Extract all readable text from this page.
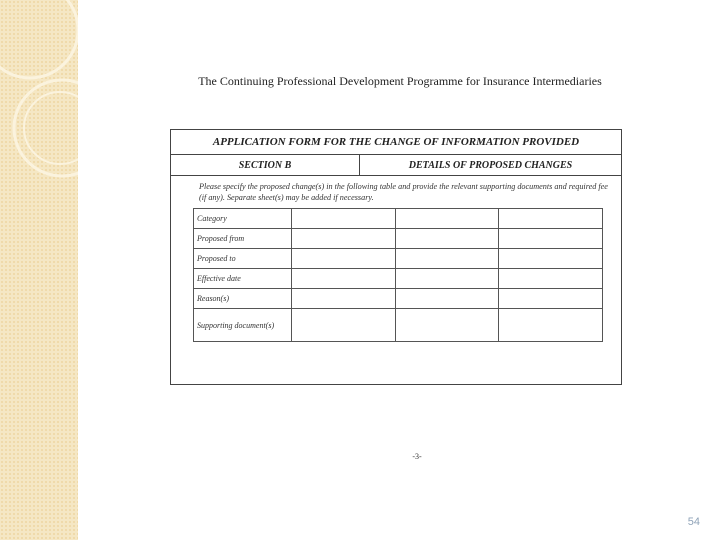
The Continuing Professional Development Programme for Insurance Intermediaries
APPLICATION FORM FOR THE CHANGE OF INFORMATION PROVIDED
SECTION B	DETAILS OF PROPOSED CHANGES
Please specify the proposed change(s) in the following table and provide the relevant supporting documents and required fee (if any). Separate sheet(s) may be added if necessary.
Category			
Proposed from			
Proposed to			
Effective date			
Reason(s)			
Supporting document(s)			
-3-
54
